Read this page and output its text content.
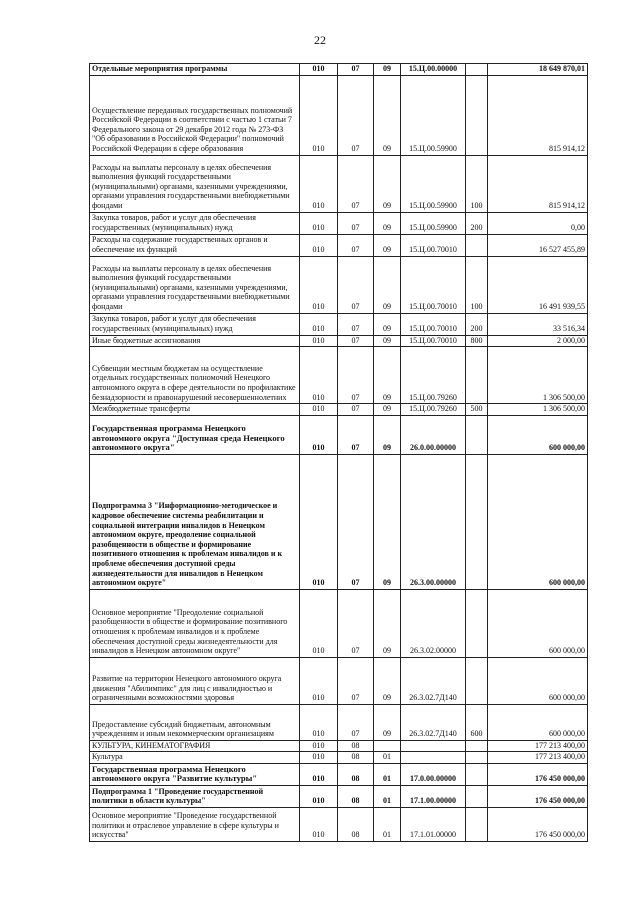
22
Отдельные мероприятия программы	010	07	09	15.Ц.00.00000		18 649 870,01
Осуществление переданных государственных полномочий Российской Федерации в соответствии с частью 1 статьи 7 Федерального закона от 29 декабря 2012 года № 273-ФЗ "Об образовании в Российской Федерации" полномочий Российской Федерации в сфере образования	010	07	09	15.Ц.00.59900		815 914,12
Расходы на выплаты персоналу в целях обеспечения выполнения функций государственными (муниципальными) органами, казенными учреждениями, органами управления государственными внебюджетными фондами	010	07	09	15.Ц.00.59900	100	815 914,12
Закупка товаров, работ и услуг для обеспечения государственных (муниципальных) нужд	010	07	09	15.Ц.00.59900	200	0,00
Расходы на содержание государственных органов и обеспечение их функций	010	07	09	15.Ц.00.70010		16 527 455,89
Расходы на выплаты персоналу в целях обеспечения выполнения функций государственными (муниципальными) органами, казенными учреждениями, органами управления государственными внебюджетными фондами	010	07	09	15.Ц.00.70010	100	16 491 939,55
Закупка товаров, работ и услуг для обеспечения государственных (муниципальных) нужд	010	07	09	15.Ц.00.70010	200	33 516,34
Иные бюджетные ассигнования	010	07	09	15.Ц.00.70010	800	2 000,00
Субвенции местным бюджетам на осуществление отдельных государственных полномочий Ненецкого автономного округа в сфере деятельности по профилактике безнадзорности и правонарушений несовершеннолетних	010	07	09	15.Ц.00.79260		1 306 500,00
Межбюджетные трансферты	010	07	09	15.Ц.00.79260	500	1 306 500,00
Государственная программа Ненецкого автономного округа "Доступная среда Ненецкого автономного округа"	010	07	09	26.0.00.00000		600 000,00
Подпрограмма 3 "Информационно-методическое и кадровое обеспечение системы реабилитации и социальной интеграции инвалидов в Ненецком автономном округе, преодоление социальной разобщенности в обществе и формирование позитивного отношения к проблемам инвалидов и к проблеме обеспечения доступной среды жизнедеятельности для инвалидов в Ненецком автономном округе"	010	07	09	26.3.00.00000		600 000,00
Основное мероприятие "Преодоление социальной разобщенности в обществе и формирование позитивного отношения к проблемам инвалидов и к проблеме обеспечения доступной среды жизнедеятельности для инвалидов в Ненецком автономном округе"	010	07	09	26.3.02.00000		600 000,00
Развитие на территории Ненецкого автономного округа движения "Абилимпикс" для лиц с инвалидностью и ограниченными возможностями здоровья	010	07	09	26.3.02.7Д140		600 000,00
Предоставление субсидий бюджетным, автономным учреждениям и иным некоммерческим организациям	010	07	09	26.3.02.7Д140	600	600 000,00
КУЛЬТУРА, КИНЕМАТОГРАФИЯ	010	08				177 213 400,00
Культура	010	08	01			177 213 400,00
Государственная программа Ненецкого автономного округа "Развитие культуры"	010	08	01	17.0.00.00000		176 450 000,00
Подпрограмма 1 "Проведение государственной политики в области культуры"	010	08	01	17.1.00.00000		176 450 000,00
Основное мероприятие "Проведение государственной политики и отраслевое управление в сфере культуры и искусства"	010	08	01	17.1.01.00000		176 450 000,00
